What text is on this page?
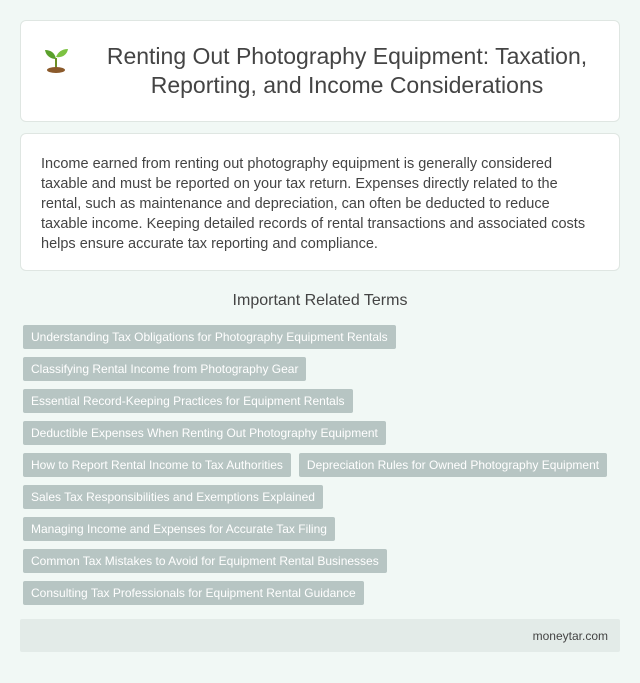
Renting Out Photography Equipment: Taxation, Reporting, and Income Considerations

Income earned from renting out photography equipment is generally considered taxable and must be reported on your tax return. Expenses directly related to the rental, such as maintenance and depreciation, can often be deducted to reduce taxable income. Keeping detailed records of rental transactions and associated costs helps ensure accurate tax reporting and compliance.

Important Related Terms
Understanding Tax Obligations for Photography Equipment Rentals
Classifying Rental Income from Photography Gear
Essential Record-Keeping Practices for Equipment Rentals
Deductible Expenses When Renting Out Photography Equipment
How to Report Rental Income to Tax Authorities	Depreciation Rules for Owned Photography Equipment
Sales Tax Responsibilities and Exemptions Explained
Managing Income and Expenses for Accurate Tax Filing
Common Tax Mistakes to Avoid for Equipment Rental Businesses
Consulting Tax Professionals for Equipment Rental Guidance
moneytar.com
